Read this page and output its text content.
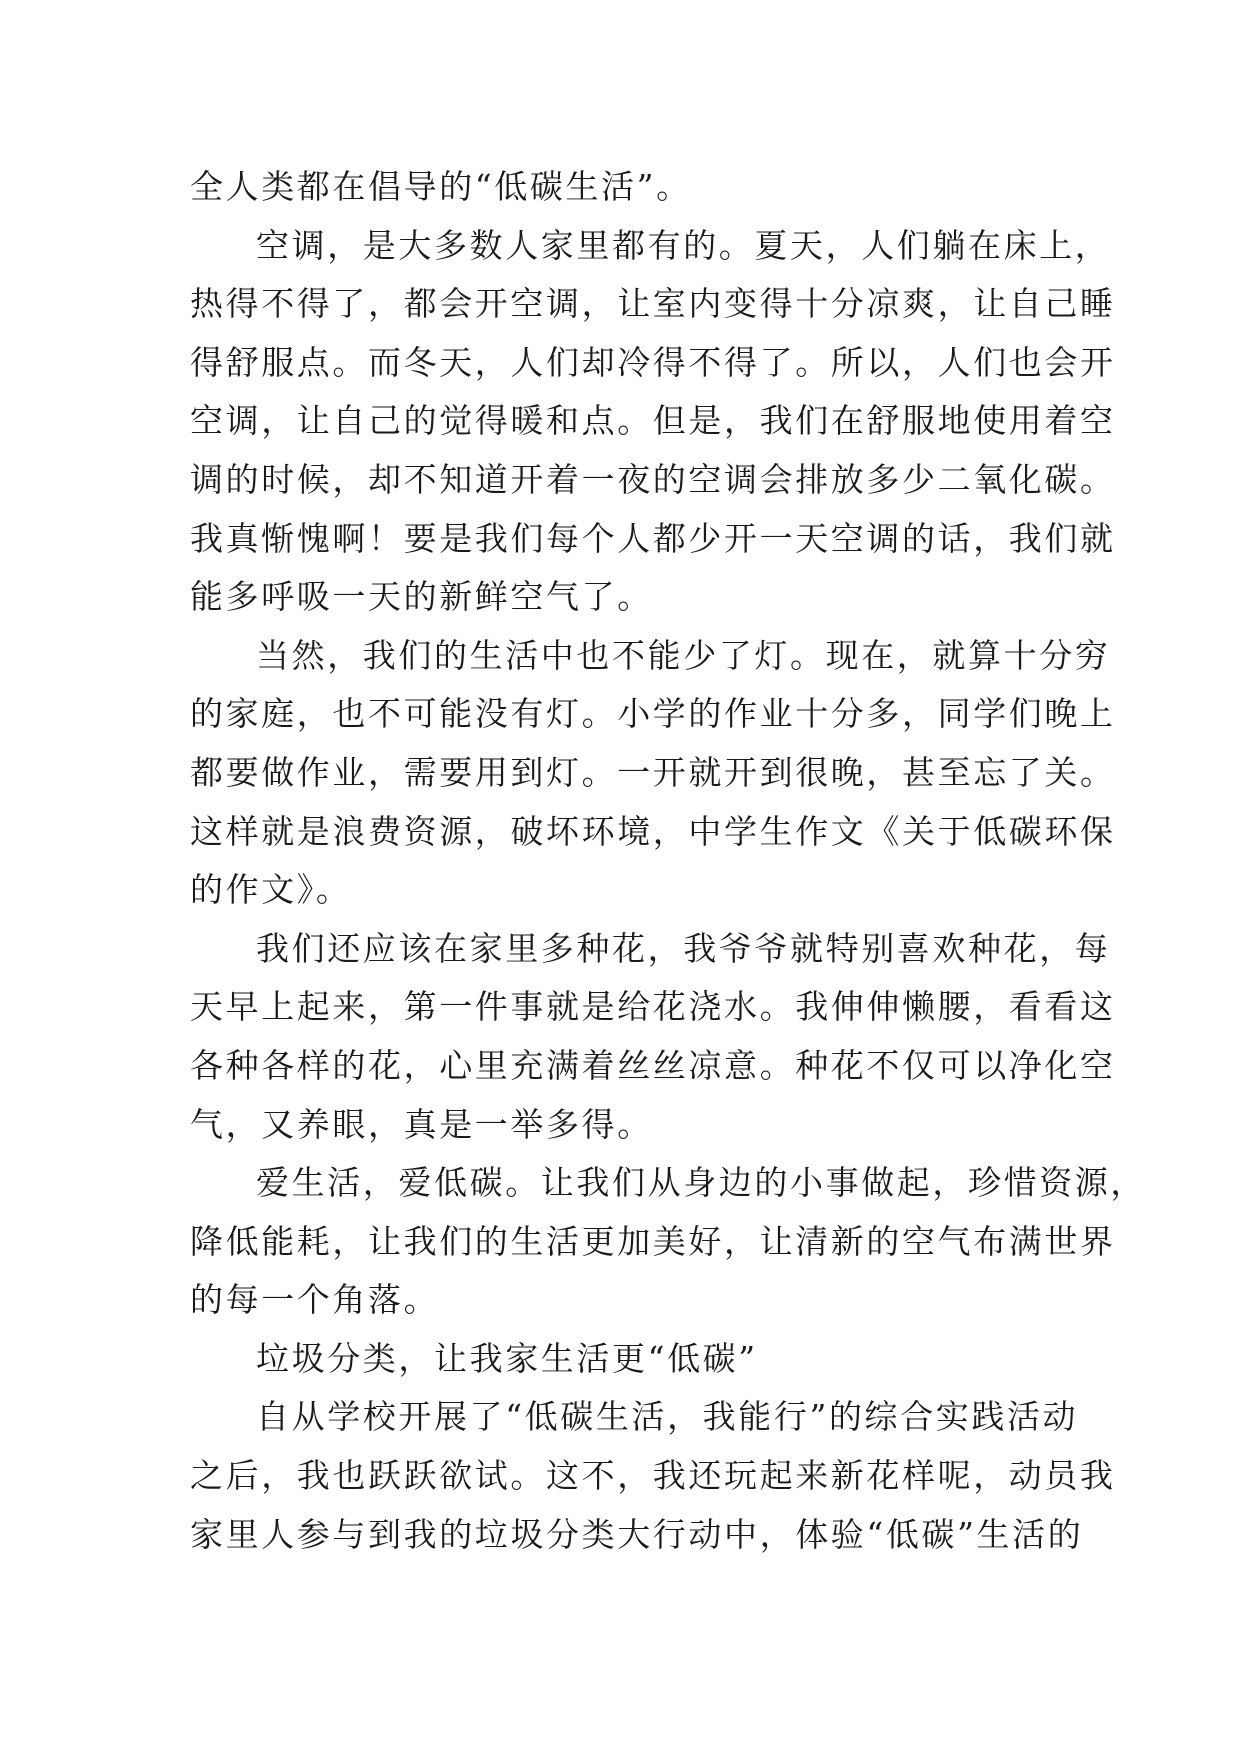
全人类都在倡导的“低碳生活”。
空调，是大多数人家里都有的。夏天，人们躺在床上，
热得不得了，都会开空调，让室内变得十分凉爽，让自己睡
得舒服点。而冬天，人们却冷得不得了。所以，人们也会开
空调，让自己的觉得暖和点。但是，我们在舒服地使用着空
调的时候，却不知道开着一夜的空调会排放多少二氧化碳。
我真惭愧啊！要是我们每个人都少开一天空调的话，我们就
能多呼吸一天的新鲜空气了。
当然，我们的生活中也不能少了灯。现在，就算十分穷
的家庭，也不可能没有灯。小学的作业十分多，同学们晚上
都要做作业，需要用到灯。一开就开到很晚，甚至忘了关。
这样就是浪费资源，破坏环境，中学生作文《关于低碳环保
的作文》。
我们还应该在家里多种花，我爷爷就特别喜欢种花，每
天早上起来，第一件事就是给花浇水。我伸伸懒腰，看看这
各种各样的花，心里充满着丝丝凉意。种花不仅可以净化空
气，又养眼，真是一举多得。
爱生活，爱低碳。让我们从身边的小事做起，珍惜资源，
降低能耗，让我们的生活更加美好，让清新的空气布满世界
的每一个角落。
垃圾分类，让我家生活更“低碳”
自从学校开展了“低碳生活，我能行”的综合实践活动
之后，我也跃跃欲试。这不，我还玩起来新花样呢，动员我
家里人参与到我的垃圾分类大行动中，体验“低碳”生活的
